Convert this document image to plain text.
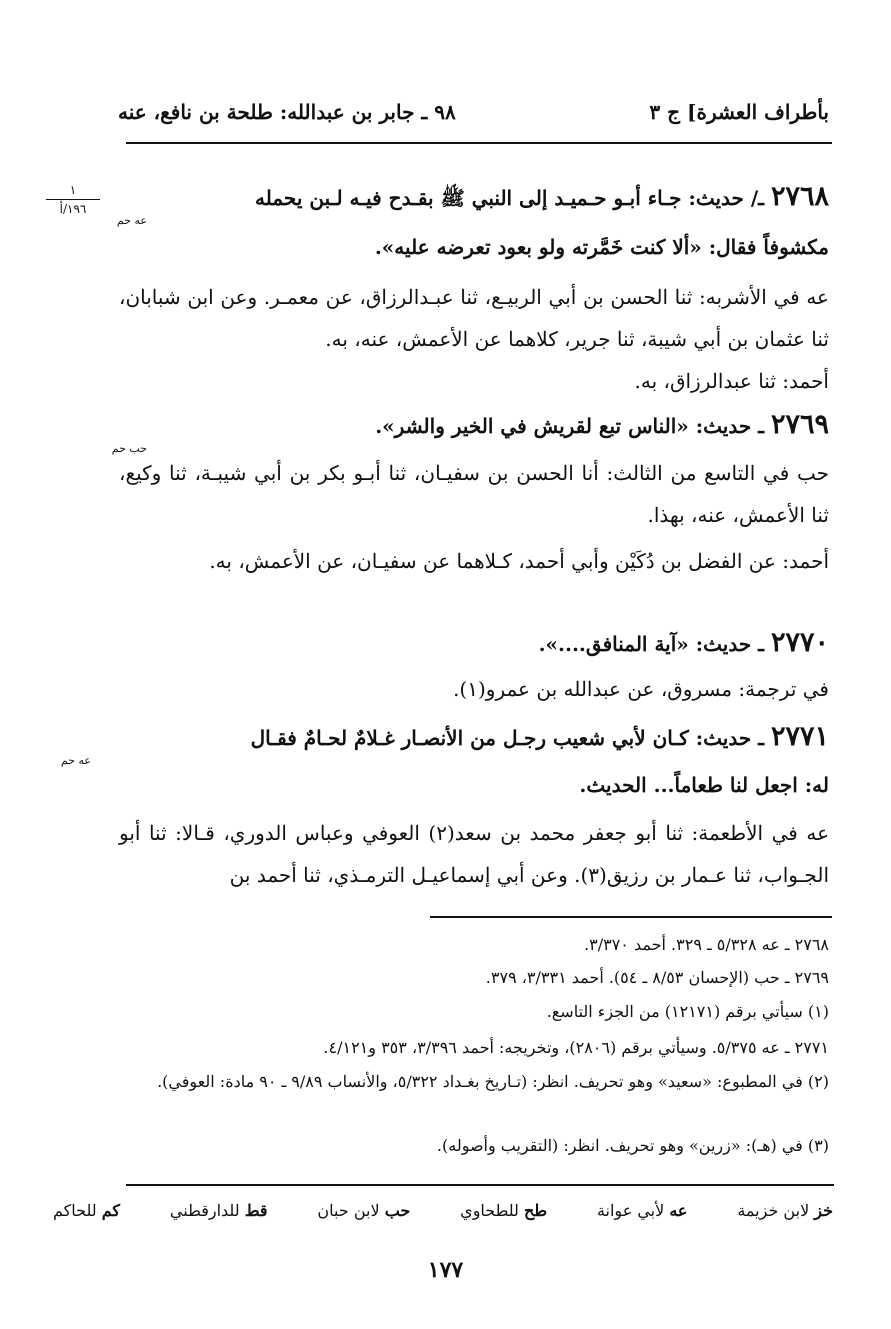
بأطراف العشرة] ج ٣
٩٨ ـ جابر بن عبدالله: طلحة بن نافع، عنه
١
١٩٦/أ	٢٧٦٨ ـ/ حديث: جـاء أبـو حـميـد إلى النبي ﷺ بقـدح فيـه لـبن يحمله
عه حم
مكشوفاً فقال: «ألا كنت خَمَّرته ولو بعود تعرضه عليه».
عه في الأشربه: ثنا الحسن بن أبي الربيـع، ثنا عبـدالرزاق، عن معمـر. وعن ابن شبابان، ثنا عثمان بن أبي شيبة، ثنا جرير، كلاهما عن الأعمش، عنه، به.
أحمد: ثنا عبدالرزاق، به.
٢٧٦٩ ـ حديث: «الناس تبع لقريش في الخير والشر».
حب حم
حب في التاسع من الثالث: أنا الحسن بن سفيـان، ثنا أبـو بكر بن أبي شيبـة، ثنا وكيع، ثنا الأعمش، عنه، بهذا.
أحمد: عن الفضل بن دُكَيْن وأبي أحمد، كـلاهما عن سفيـان، عن الأعمش، به.
٢٧٧٠ ـ حديث: «آية المنافق....».
في ترجمة: مسروق، عن عبدالله بن عمرو(١).
٢٧٧١ ـ حديث: كـان لأبي شعيب رجـل من الأنصـار غـلامٌ لحـامٌ فقـال
عه حم
له: اجعل لنا طعاماً... الحديث.
عه في الأطعمة: ثنا أبو جعفر محمد بن سعد(٢) العوفي وعباس الدوري، قـالا: ثنا أبو الجـواب، ثنا عـمار بن رزيق(٣). وعن أبي إسماعيـل الترمـذي، ثنا أحمد بن
٢٧٦٨ ـ عه ٥/٣٢٨ ـ ٣٢٩. أحمد ٣/٣٧٠.
٢٧٦٩ ـ حب (الإحسان ٨/٥٣ ـ ٥٤). أحمد ٣/٣٣١، ٣٧٩.
(١) سيأتي برقم (١٢١٧١) من الجزء التاسع.
٢٧٧١ ـ عه ٥/٣٧٥. وسيأتي برقم (٢٨٠٦)، وتخريجه: أحمد ٣/٣٩٦، ٣٥٣ و٤/١٢١.
(٢) في المطبوع: «سعيد» وهو تحريف. انظر: (تـاريخ بغـداد ٥/٣٢٢، والأنساب ٩/٨٩ ـ ٩٠ مادة: العوفي).
(٣) في (هـ): «زرين» وهو تحريف. انظر: (التقريب وأصوله).
خز لابن خزيمة
عه لأبي عوانة
طح للطحاوي
حب لابن حبان
قط للدارقطني
كم للحاكم
١٧٧
